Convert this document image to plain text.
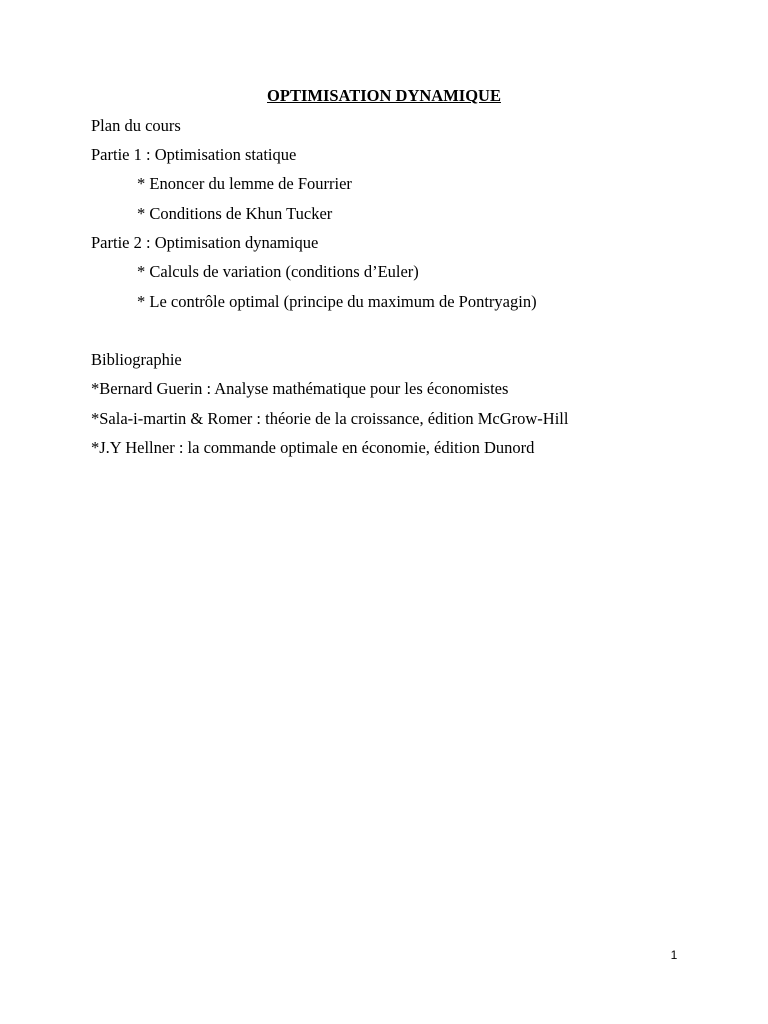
OPTIMISATION DYNAMIQUE
Plan du cours
Partie 1 : Optimisation statique
* Enoncer du lemme de Fourrier
* Conditions de Khun Tucker
Partie 2 : Optimisation dynamique
* Calculs de variation (conditions d’Euler)
* Le contrôle optimal (principe du maximum de Pontryagin)
Bibliographie
*Bernard Guerin : Analyse mathématique pour les économistes
*Sala-i-martin & Romer : théorie de la croissance, édition McGrow-Hill
*J.Y Hellner : la commande optimale en économie, édition Dunord
1
